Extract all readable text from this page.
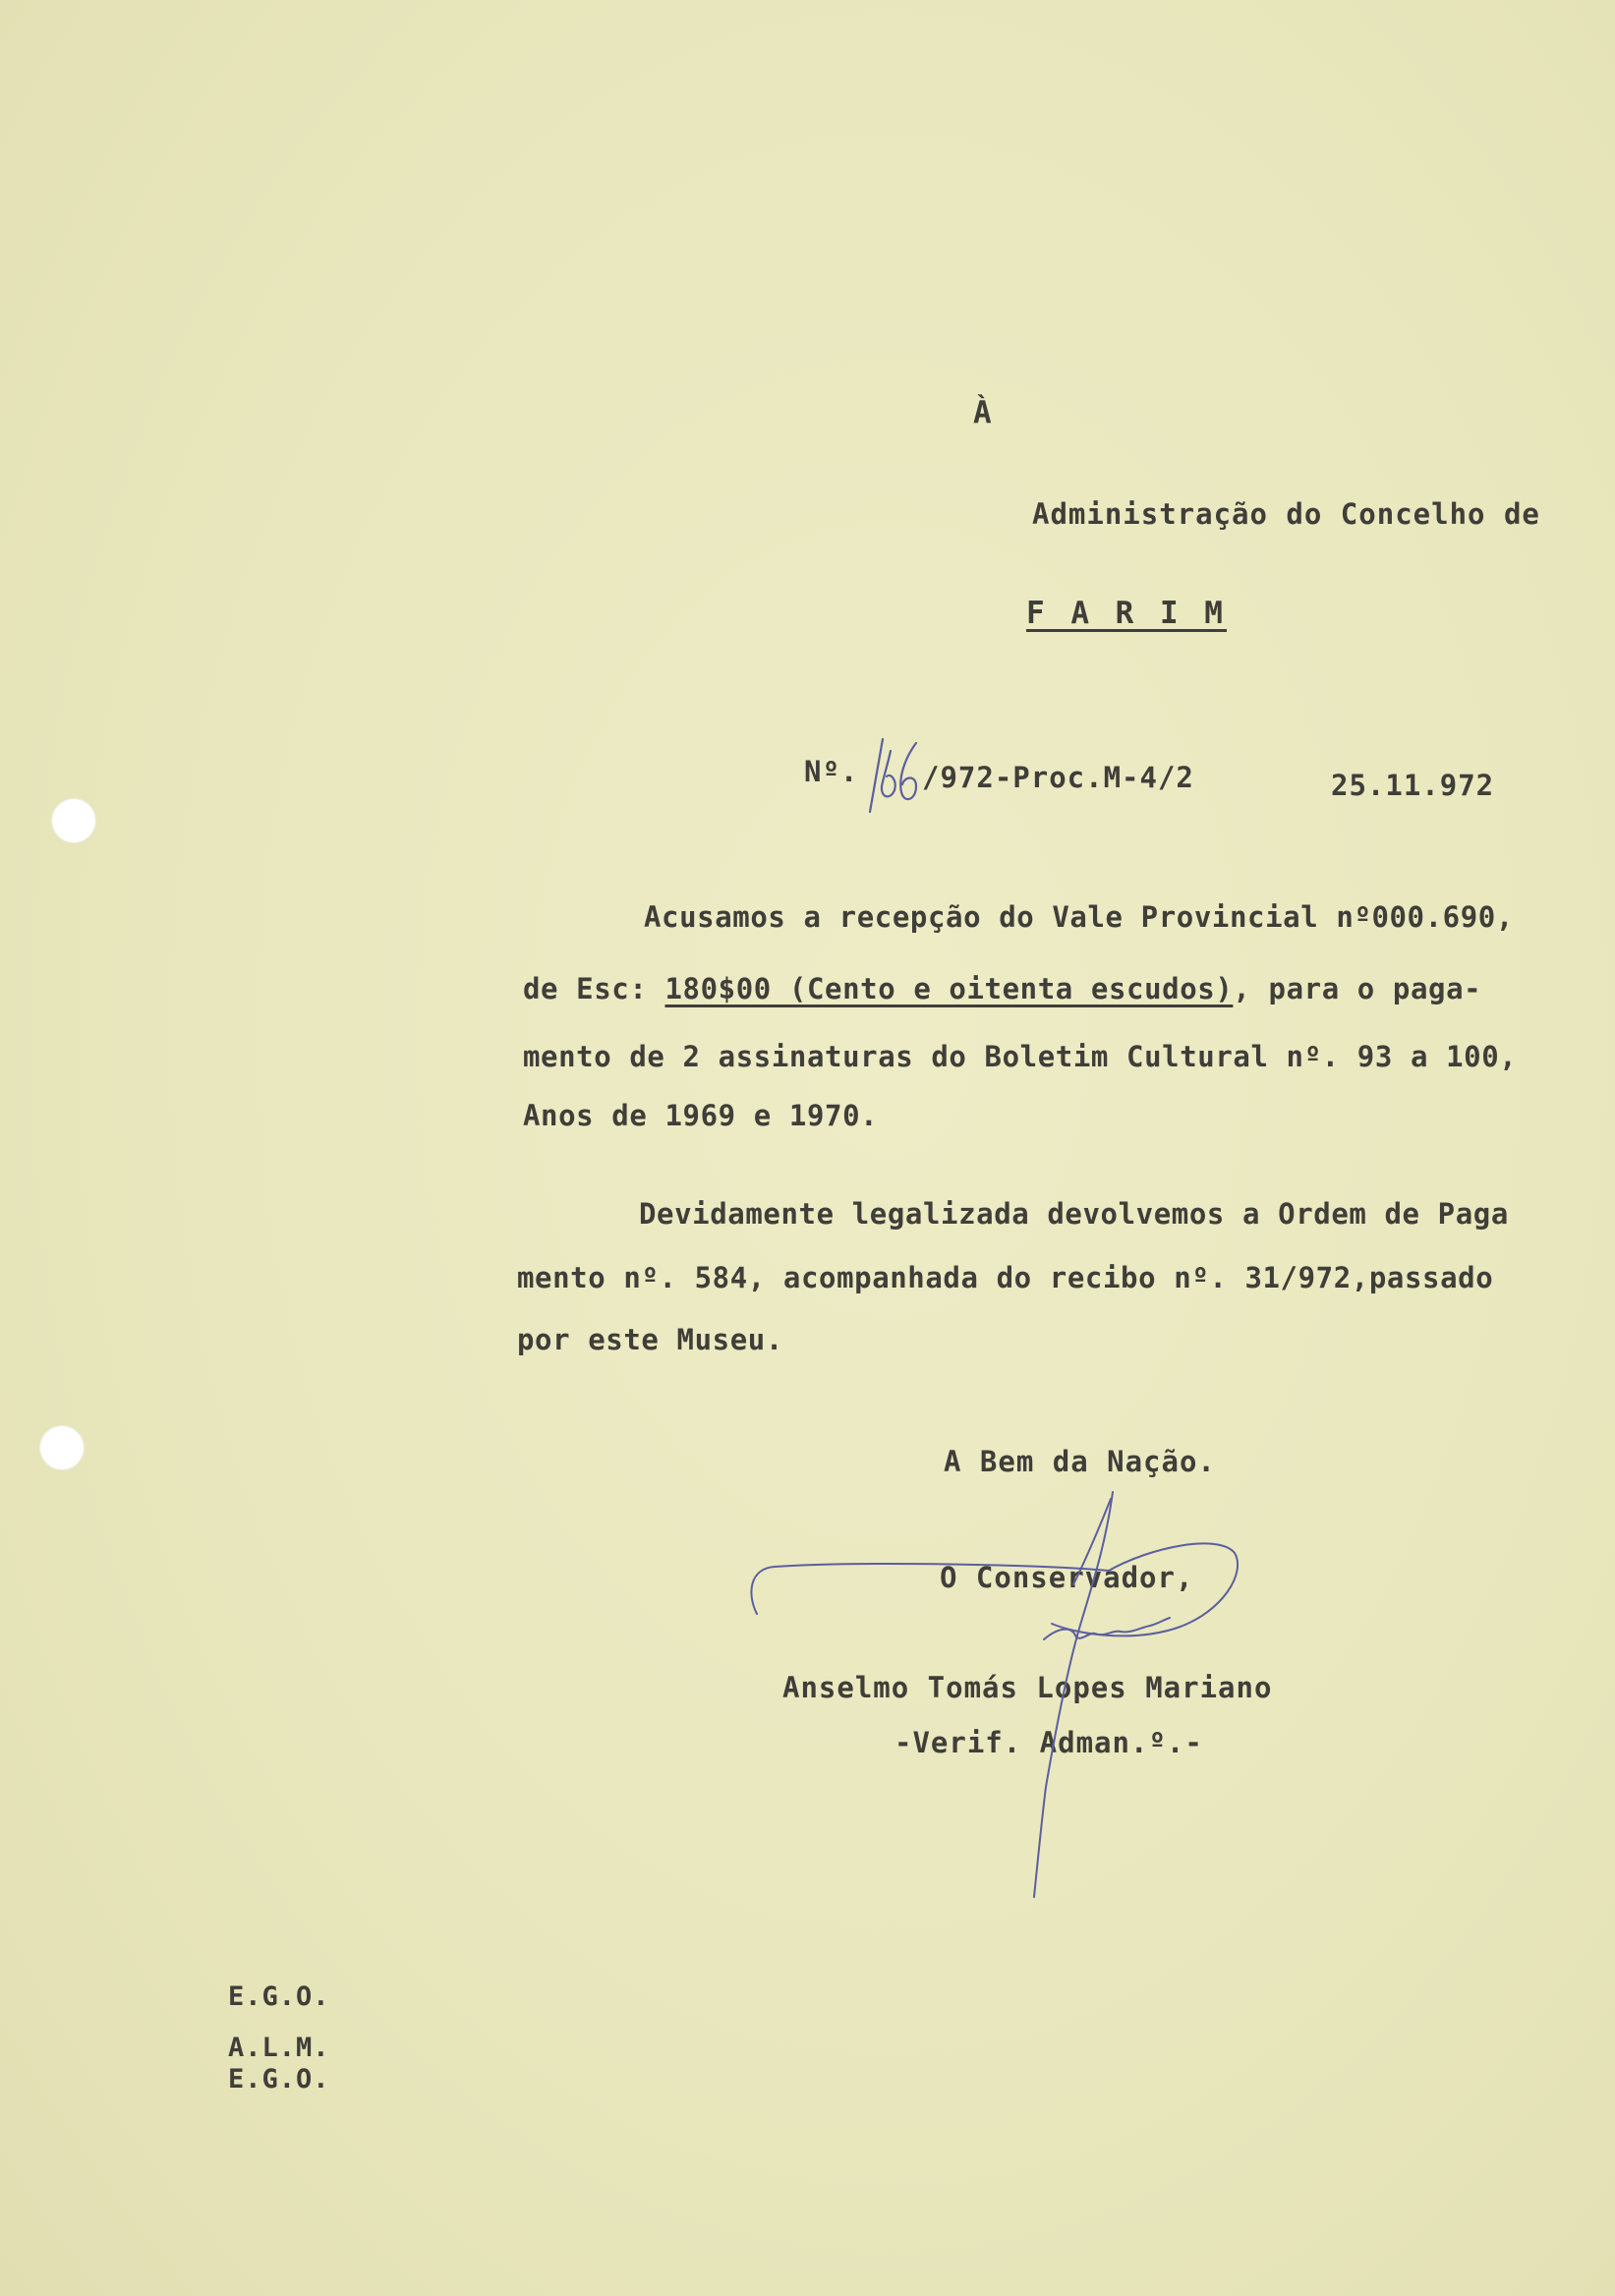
À
Administração do Concelho de
F A R I M
Nº. /972-Proc.M-4/2	25.11.972
Acusamos a recepção do Vale Provincial nº000.690,
de Esc: 180$00 (Cento e oitenta escudos), para o paga-
mento de 2 assinaturas do Boletim Cultural nº. 93 a 100,
Anos de 1969 e 1970.
Devidamente legalizada devolvemos a Ordem de Paga
mento nº. 584, acompanhada do recibo nº. 31/972,passado
por este Museu.
A Bem da Nação.
O Conservador,
Anselmo Tomás Lopes Mariano
-Verif. Adman.º.-
E.G.O.
A.L.M.
E.G.O.
